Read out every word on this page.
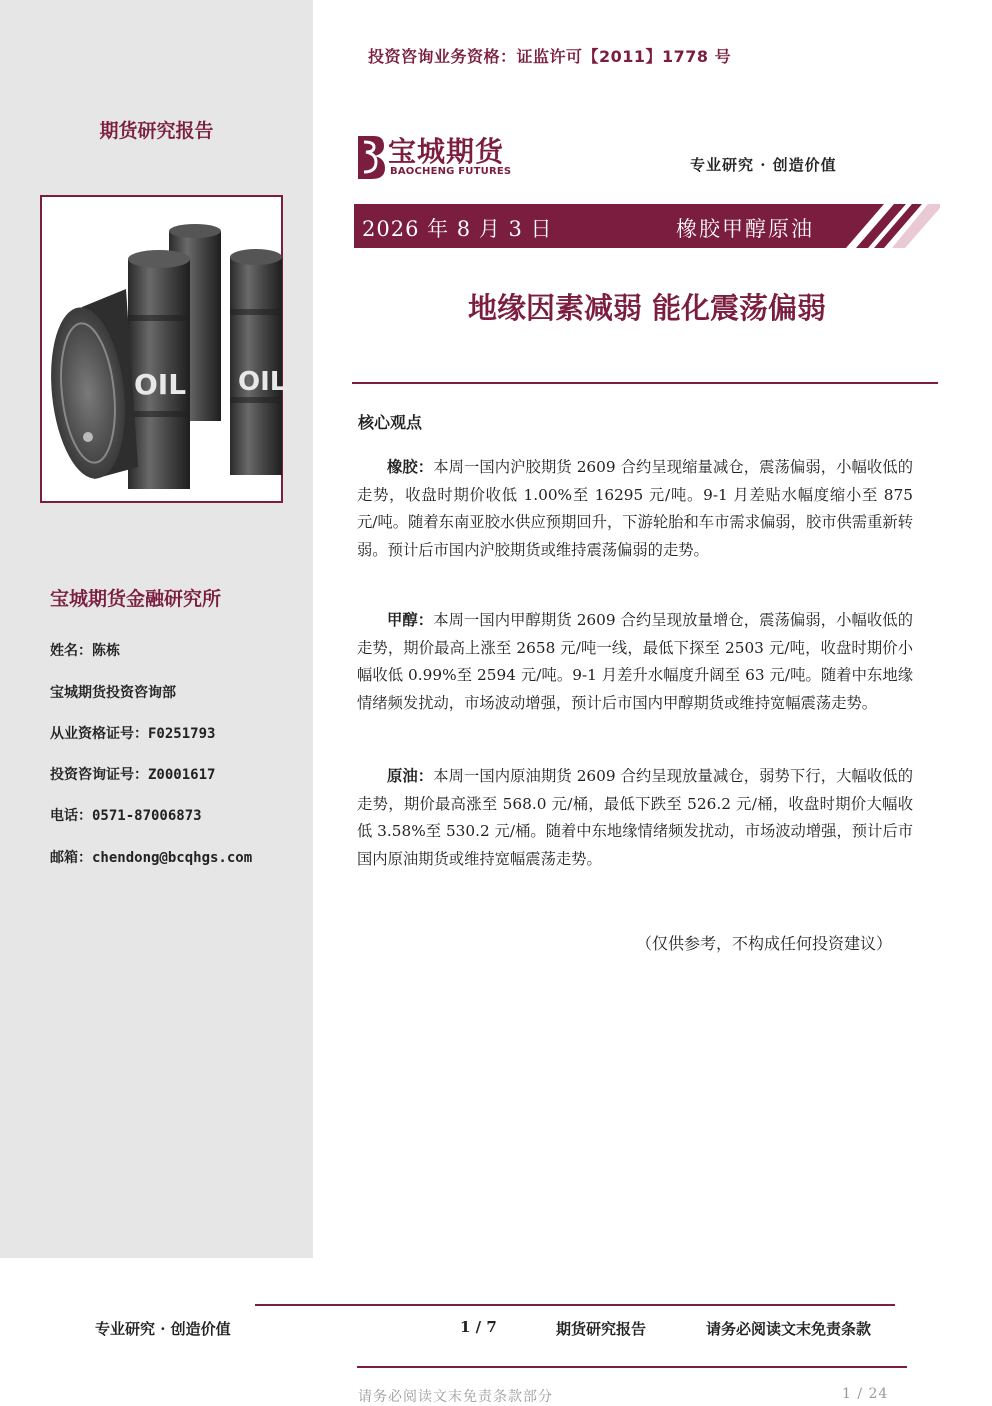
投资咨询业务资格：证监许可【2011】1778 号
期货研究报告
OIL
OIL
宝城期货金融研究所
姓名：陈栋
宝城期货投资咨询部
从业资格证号：F0251793
投资咨询证号：Z0001617
电话：0571-87006873
邮箱：chendong@bcqhgs.com
宝城期货
BAOCHENG FUTURES	专业研究 · 创造价值
2026 年 8 月 3 日	橡胶甲醇原油
地缘因素减弱 能化震荡偏弱
核心观点

橡胶：本周一国内沪胶期货 2609 合约呈现缩量减仓，震荡偏弱，小幅收低的走势，收盘时期价收低 1.00%至 16295 元/吨。9-1 月差贴水幅度缩小至 875 元/吨。随着东南亚胶水供应预期回升，下游轮胎和车市需求偏弱，胶市供需重新转弱。预计后市国内沪胶期货或维持震荡偏弱的走势。

甲醇：本周一国内甲醇期货 2609 合约呈现放量增仓，震荡偏弱，小幅收低的走势，期价最高上涨至 2658 元/吨一线，最低下探至 2503 元/吨，收盘时期价小幅收低 0.99%至 2594 元/吨。9-1 月差升水幅度升阔至 63 元/吨。随着中东地缘情绪频发扰动，市场波动增强，预计后市国内甲醇期货或维持宽幅震荡走势。

原油：本周一国内原油期货 2609 合约呈现放量减仓，弱势下行，大幅收低的走势，期价最高涨至 568.0 元/桶，最低下跌至 526.2 元/桶，收盘时期价大幅收低 3.58%至 530.2 元/桶。随着中东地缘情绪频发扰动，市场波动增强，预计后市国内原油期货或维持宽幅震荡走势。

（仅供参考，不构成任何投资建议）
专业研究 · 创造价值	1 / 7	期货研究报告	请务必阅读文末免责条款
请务必阅读文末免责条款部分	1 / 24
